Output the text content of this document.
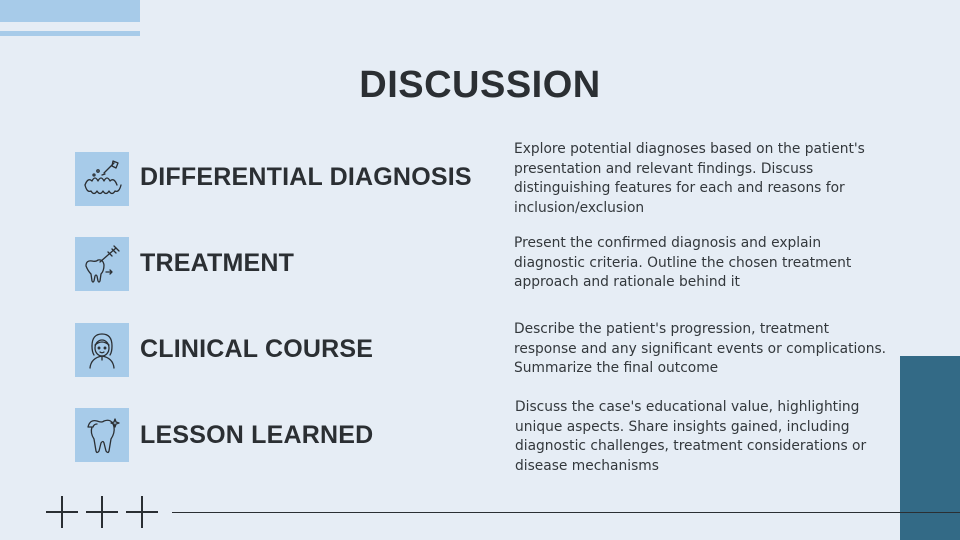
DISCUSSION
DIFFERENTIAL DIAGNOSIS
Explore potential diagnoses based on the patient's presentation and relevant findings. Discuss distinguishing features for each and reasons for inclusion/exclusion
TREATMENT
Present the confirmed diagnosis and explain diagnostic criteria. Outline the chosen treatment approach and rationale behind it
CLINICAL COURSE
Describe the patient's progression, treatment response and any significant events or complications. Summarize the final outcome
LESSON LEARNED
Discuss the case's educational value, highlighting unique aspects. Share insights gained, including diagnostic challenges, treatment considerations or disease mechanisms
